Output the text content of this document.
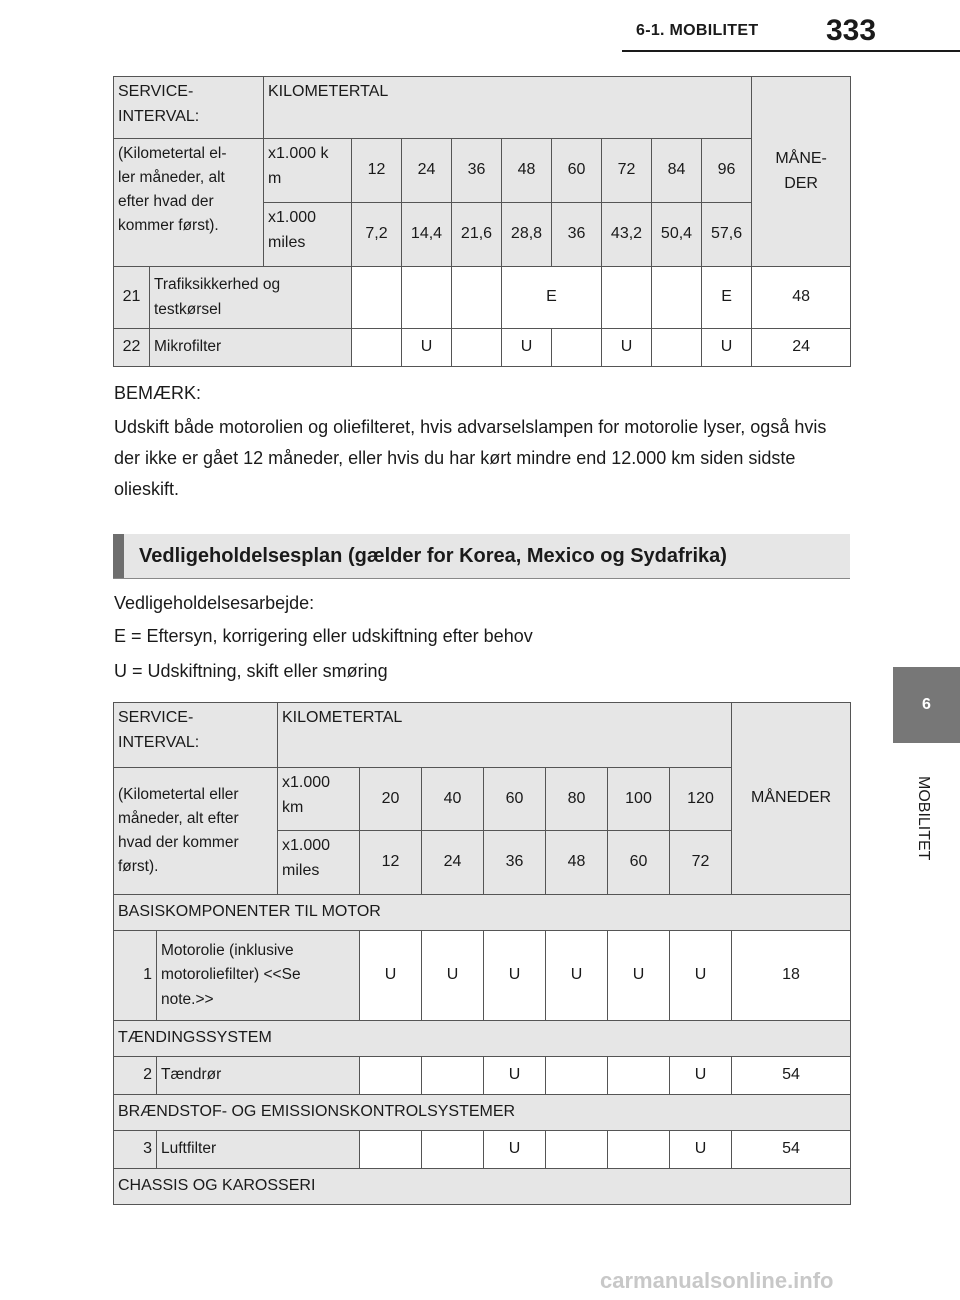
6-1. MOBILITET 333
6
MOBILITET
SERVICE-
INTERVAL:		KILOMETERTAL									MÅNE-
DER
(Kilometertal el-
ler måneder, alt
efter hvad der
kommer først).		x1.000 k
m	12	24	36	48	60	72	84	96	
		x1.000
miles	7,2	14,4	21,6	28,8	36	43,2	50,4	57,6	
21	Trafiksikkerhed og
testkørsel					E				E	48
22	Mikrofilter			U		U		U		U	24
BEMÆRK:
Udskift både motorolien og oliefilteret, hvis advarselslampen for motorolie lyser, også hvis der ikke er gået 12 måneder, eller hvis du har kørt mindre end 12.000 km siden sidste olieskift.
Vedligeholdelsesplan (gælder for Korea, Mexico og Sydafrika)
Vedligeholdelsesarbejde:
E = Eftersyn, korrigering eller udskiftning efter behov
U = Udskiftning, skift eller smøring
SERVICE-
INTERVAL:		KILOMETERTAL							MÅNEDER
(Kilometertal eller
måneder, alt efter
hvad der kommer
først).		x1.000
km	20	40	60	80	100	120	
		x1.000
miles	12	24	36	48	60	72	
BASISKOMPONENTER TIL MOTOR									
1	Motorolie (inklusive
motoroliefilter) <<Se
note.>>		U	U	U	U	U	U	18
TÆNDINGSSYSTEM									
2	Tændrør				U			U	54
BRÆNDSTOF- OG EMISSIONSKONTROLSYSTEMER									
3	Luftfilter				U			U	54
CHASSIS OG KAROSSERI									
carmanualsonline.info
